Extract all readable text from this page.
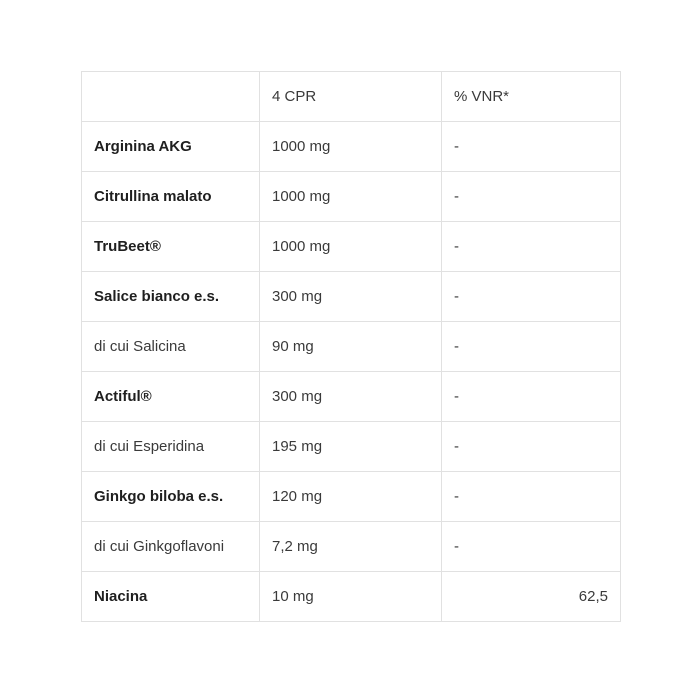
	4 CPR	% VNR*
Arginina AKG	1000 mg	-
Citrullina malato	1000 mg	-
TruBeet®	1000 mg	-
Salice bianco e.s.	300 mg	-
di cui Salicina	90 mg	-
Actiful®	300 mg	-
di cui Esperidina	195 mg	-
Ginkgo biloba e.s.	120 mg	-
di cui Ginkgoflavoni	7,2 mg	-
Niacina	10 mg	62,5
